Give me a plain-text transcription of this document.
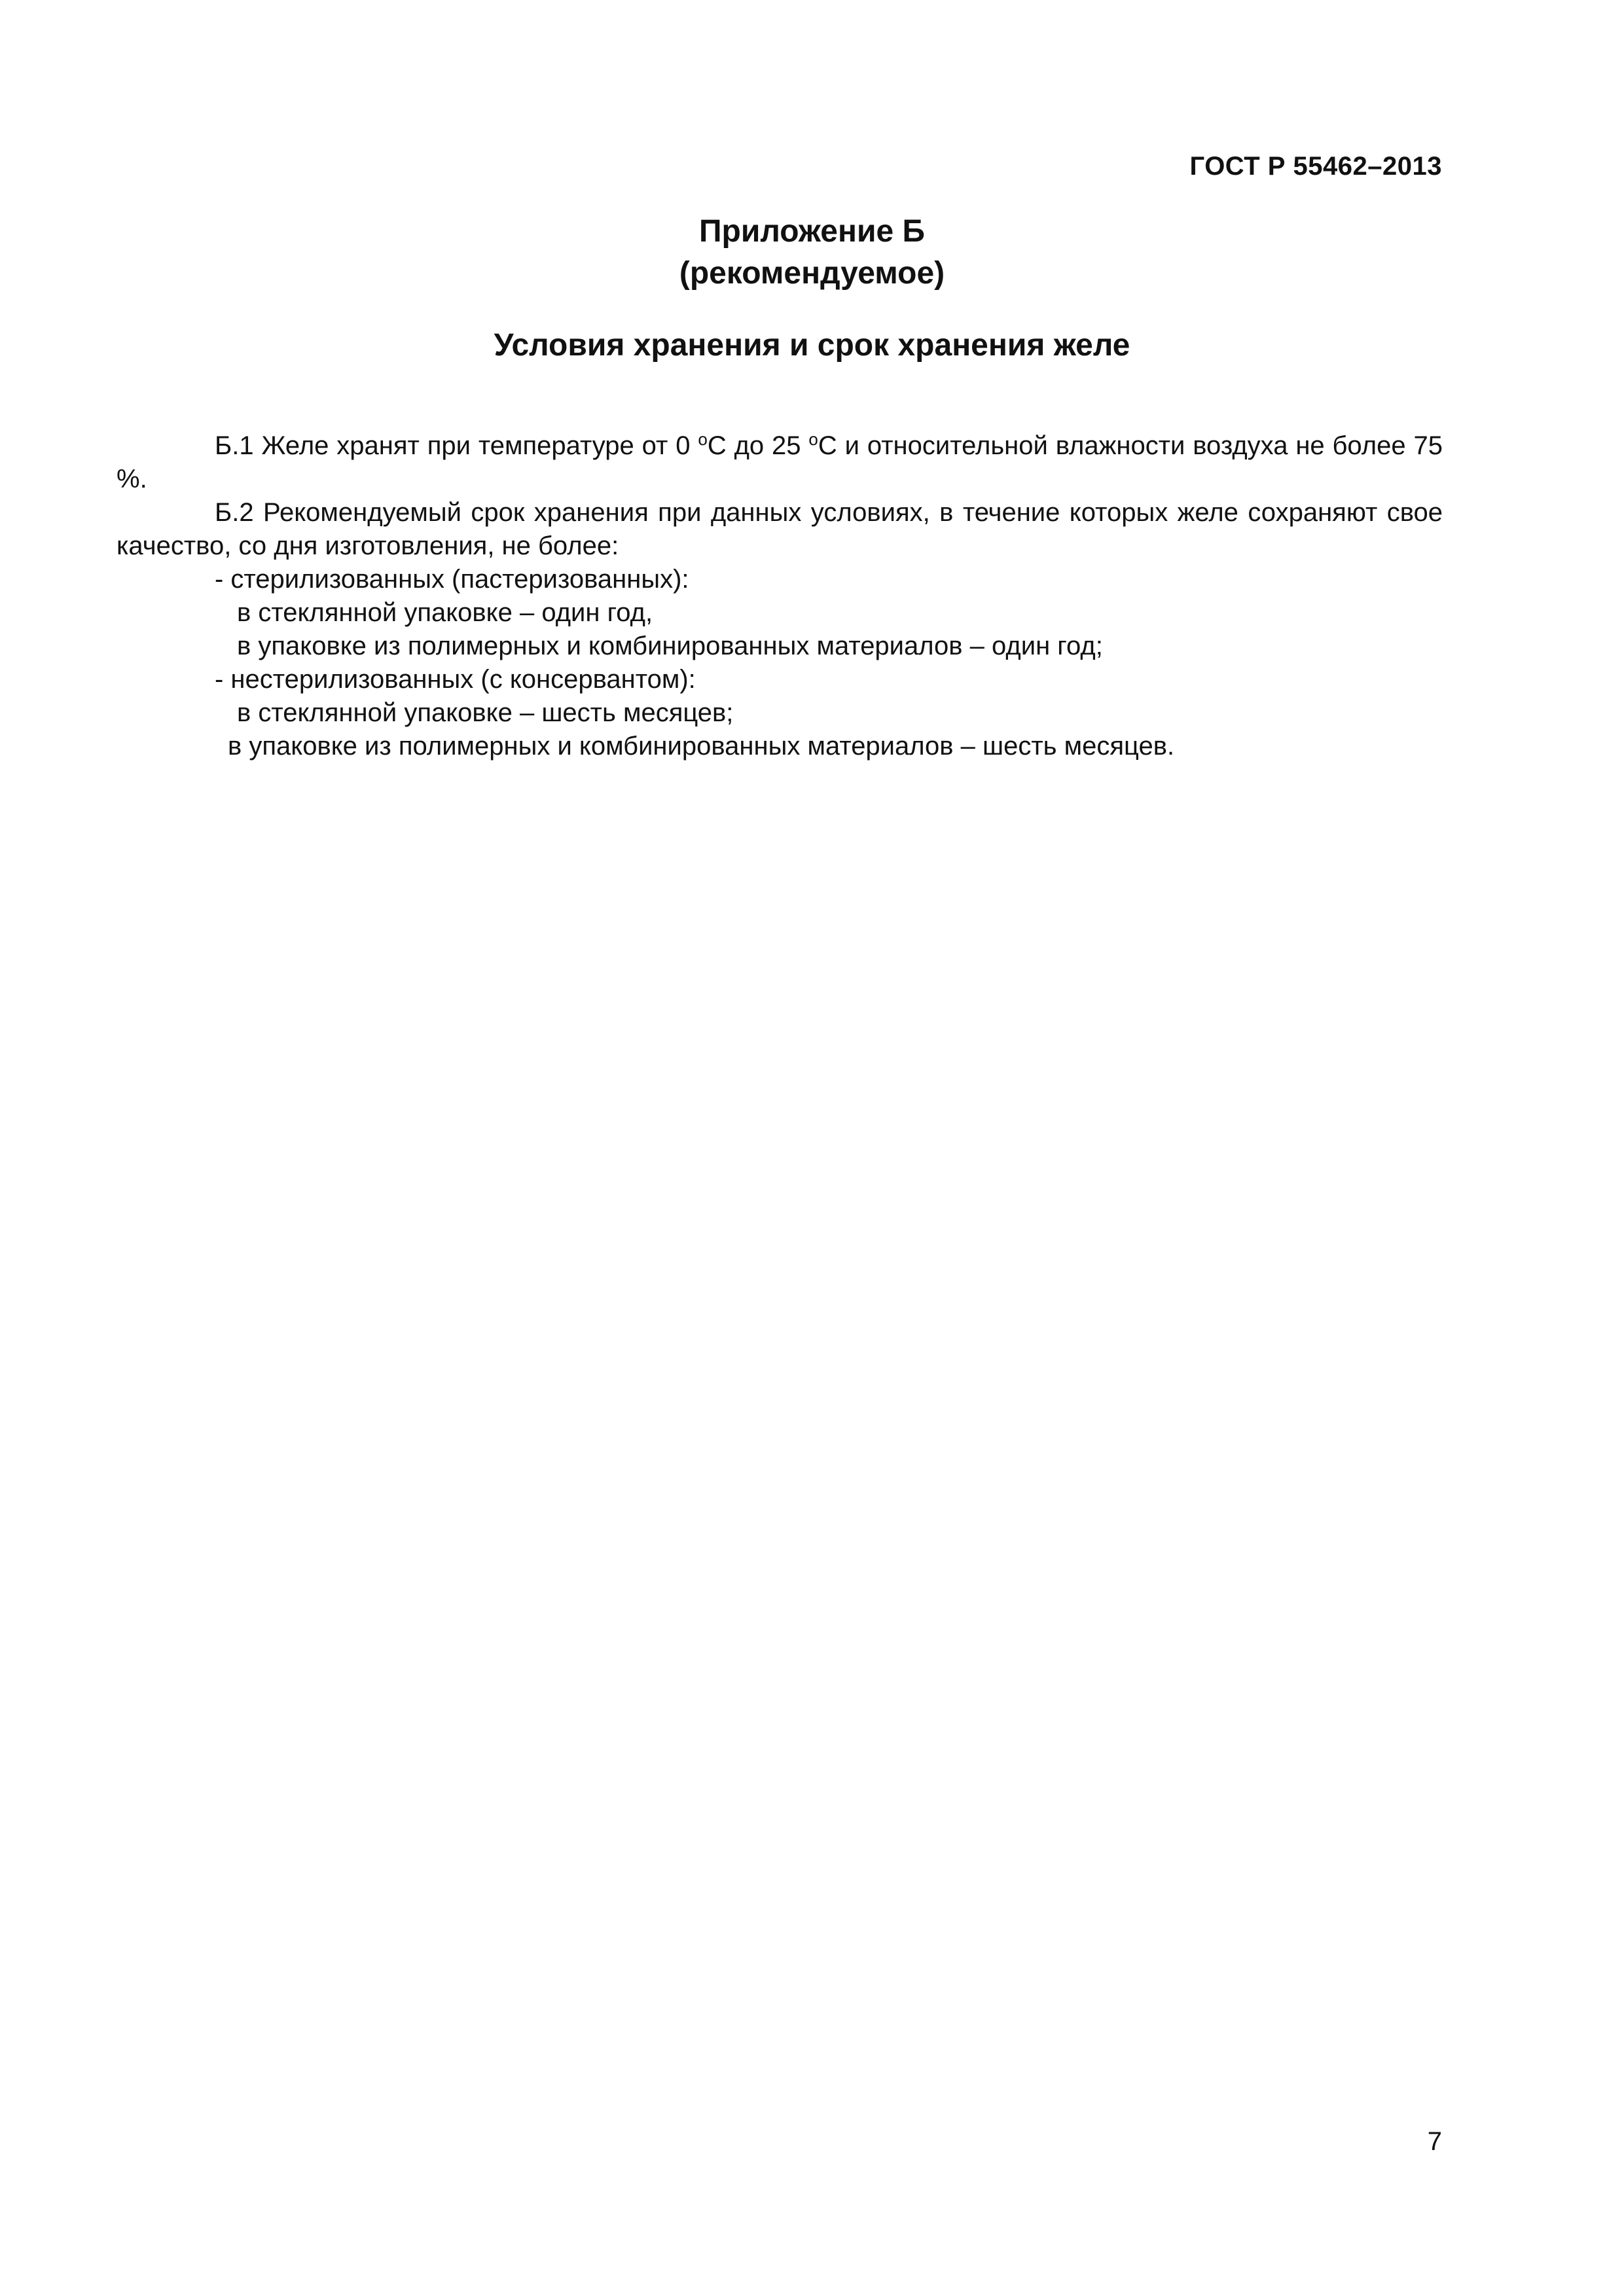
ГОСТ Р 55462–2013
Приложение Б
(рекомендуемое)
Условия хранения и срок хранения желе

Б.1 Желе хранят при температуре от 0 $^о$С до 25 $^о$С и относительной влажности воздуха не более 75 %.

Б.2 Рекомендуемый срок хранения при данных условиях, в течение которых желе сохраняют свое качество, со дня изготовления, не более:

- стерилизованных (пастеризованных):
в стеклянной упаковке – один год,
в упаковке из полимерных и комбинированных материалов – один год;
- нестерилизованных (с консервантом):
в стеклянной упаковке – шесть месяцев;
в упаковке из полимерных и комбинированных материалов – шесть месяцев.
7
